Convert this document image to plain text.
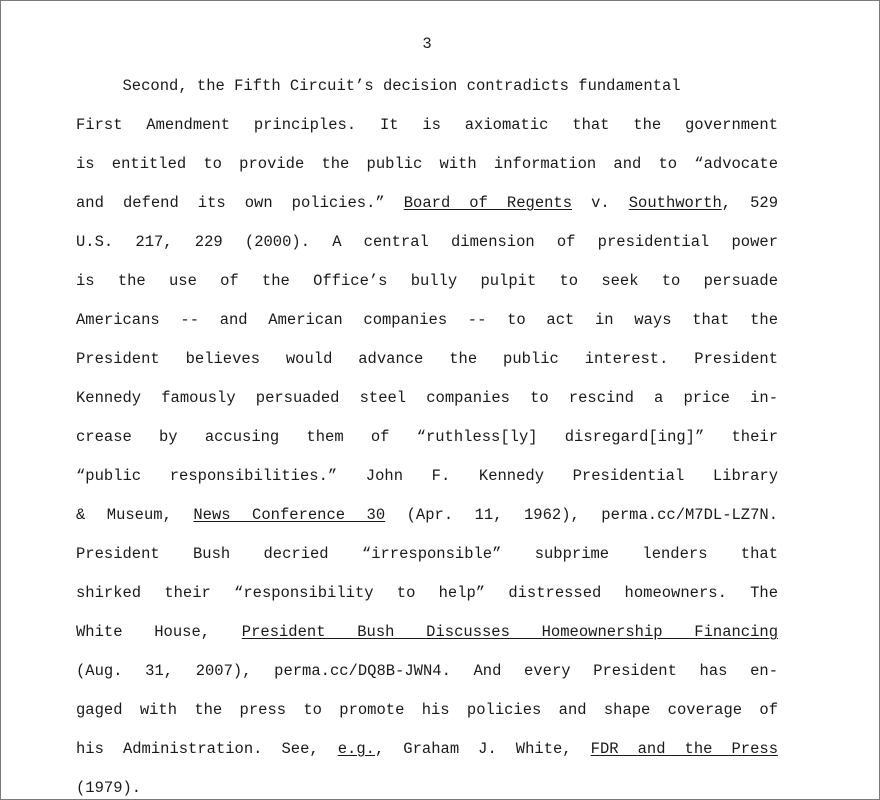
3
Second, the Fifth Circuit’s decision contradicts fundamental
First Amendment principles. It is axiomatic that the government
is entitled to provide the public with information and to “advocate
and defend its own policies.” Board of Regents v. Southworth, 529
U.S. 217, 229 (2000). A central dimension of presidential power
is the use of the Office’s bully pulpit to seek to persuade
Americans -- and American companies -- to act in ways that the
President believes would advance the public interest. President
Kennedy famously persuaded steel companies to rescind a price in-
crease by accusing them of “ruthless[ly] disregard[ing]” their
“public responsibilities.” John F. Kennedy Presidential Library
& Museum, News Conference 30 (Apr. 11, 1962), perma.cc/M7DL-LZ7N.
President Bush decried “irresponsible” subprime lenders that
shirked their “responsibility to help” distressed homeowners. The
White House, President Bush Discusses Homeownership Financing
(Aug. 31, 2007), perma.cc/DQ8B-JWN4. And every President has en-
gaged with the press to promote his policies and shape coverage of
his Administration. See, e.g., Graham J. White, FDR and the Press
(1979).
